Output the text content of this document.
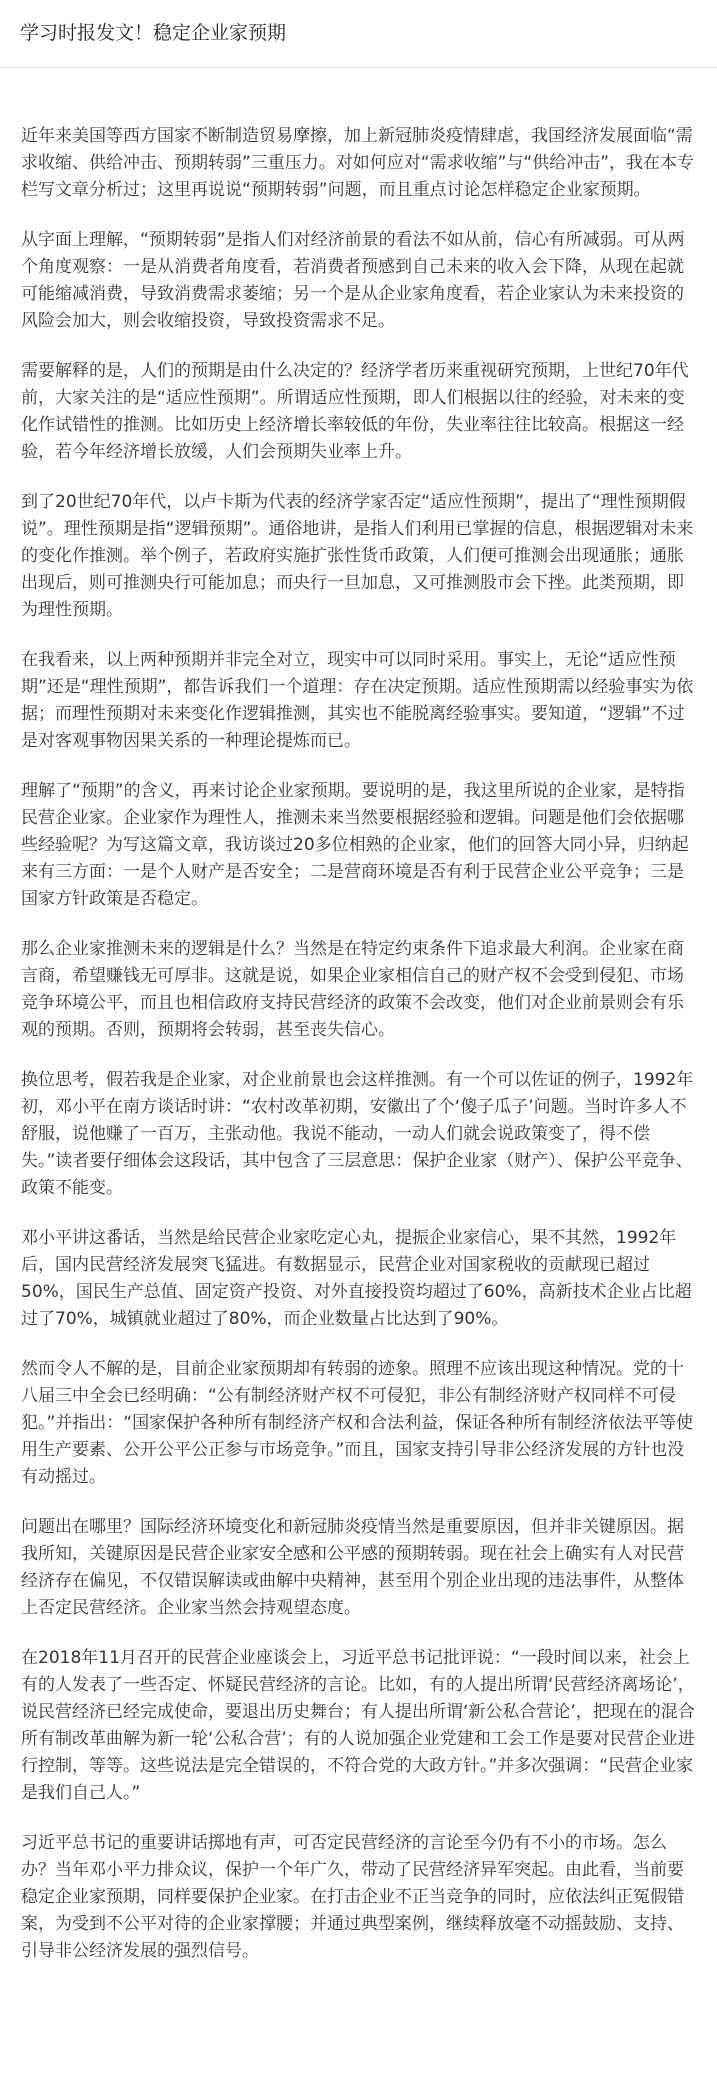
学习时报发文！稳定企业家预期

近年来美国等西方国家不断制造贸易摩擦，加上新冠肺炎疫情肆虐，我国经济发展面临“需求收缩、供给冲击、预期转弱”三重压力。对如何应对“需求收缩”与“供给冲击”，我在本专栏写文章分析过；这里再说说“预期转弱”问题，而且重点讨论怎样稳定企业家预期。

从字面上理解，“预期转弱”是指人们对经济前景的看法不如从前，信心有所减弱。可从两个角度观察：一是从消费者角度看，若消费者预感到自己未来的收入会下降，从现在起就可能缩减消费，导致消费需求萎缩；另一个是从企业家角度看，若企业家认为未来投资的风险会加大，则会收缩投资，导致投资需求不足。

需要解释的是，人们的预期是由什么决定的？经济学者历来重视研究预期，上世纪70年代前，大家关注的是“适应性预期”。所谓适应性预期，即人们根据以往的经验，对未来的变化作试错性的推测。比如历史上经济增长率较低的年份，失业率往往比较高。根据这一经验，若今年经济增长放缓，人们会预期失业率上升。

到了20世纪70年代，以卢卡斯为代表的经济学家否定“适应性预期”，提出了“理性预期假说”。理性预期是指“逻辑预期”。通俗地讲，是指人们利用已掌握的信息，根据逻辑对未来的变化作推测。举个例子，若政府实施扩张性货币政策，人们便可推测会出现通胀；通胀出现后，则可推测央行可能加息；而央行一旦加息，又可推测股市会下挫。此类预期，即为理性预期。

在我看来，以上两种预期并非完全对立，现实中可以同时采用。事实上，无论“适应性预期”还是“理性预期”，都告诉我们一个道理：存在决定预期。适应性预期需以经验事实为依据；而理性预期对未来变化作逻辑推测，其实也不能脱离经验事实。要知道，“逻辑”不过是对客观事物因果关系的一种理论提炼而已。

理解了“预期”的含义，再来讨论企业家预期。要说明的是，我这里所说的企业家，是特指民营企业家。企业家作为理性人，推测未来当然要根据经验和逻辑。问题是他们会依据哪些经验呢？为写这篇文章，我访谈过20多位相熟的企业家，他们的回答大同小异，归纳起来有三方面：一是个人财产是否安全；二是营商环境是否有利于民营企业公平竞争；三是国家方针政策是否稳定。

那么企业家推测未来的逻辑是什么？当然是在特定约束条件下追求最大利润。企业家在商言商，希望赚钱无可厚非。这就是说，如果企业家相信自己的财产权不会受到侵犯、市场竞争环境公平，而且也相信政府支持民营经济的政策不会改变，他们对企业前景则会有乐观的预期。否则，预期将会转弱，甚至丧失信心。

换位思考，假若我是企业家，对企业前景也会这样推测。有一个可以佐证的例子，1992年初，邓小平在南方谈话时讲：“农村改革初期，安徽出了个‘傻子瓜子’问题。当时许多人不舒服，说他赚了一百万，主张动他。我说不能动，一动人们就会说政策变了，得不偿失。”读者要仔细体会这段话，其中包含了三层意思：保护企业家（财产）、保护公平竞争、政策不能变。

邓小平讲这番话，当然是给民营企业家吃定心丸，提振企业家信心，果不其然，1992年后，国内民营经济发展突飞猛进。有数据显示，民营企业对国家税收的贡献现已超过50%，国民生产总值、固定资产投资、对外直接投资均超过了60%，高新技术企业占比超过了70%，城镇就业超过了80%，而企业数量占比达到了90%。

然而令人不解的是，目前企业家预期却有转弱的迹象。照理不应该出现这种情况。党的十八届三中全会已经明确：“公有制经济财产权不可侵犯，非公有制经济财产权同样不可侵犯。”并指出：“国家保护各种所有制经济产权和合法利益，保证各种所有制经济依法平等使用生产要素、公开公平公正参与市场竞争。”而且，国家支持引导非公经济发展的方针也没有动摇过。

问题出在哪里？国际经济环境变化和新冠肺炎疫情当然是重要原因，但并非关键原因。据我所知，关键原因是民营企业家安全感和公平感的预期转弱。现在社会上确实有人对民营经济存在偏见，不仅错误解读或曲解中央精神，甚至用个别企业出现的违法事件，从整体上否定民营经济。企业家当然会持观望态度。

在2018年11月召开的民营企业座谈会上，习近平总书记批评说：“一段时间以来，社会上有的人发表了一些否定、怀疑民营经济的言论。比如，有的人提出所谓‘民营经济离场论’，说民营经济已经完成使命，要退出历史舞台；有人提出所谓‘新公私合营论’，把现在的混合所有制改革曲解为新一轮‘公私合营’；有的人说加强企业党建和工会工作是要对民营企业进行控制，等等。这些说法是完全错误的，不符合党的大政方针。”并多次强调：“民营企业家是我们自己人。”

习近平总书记的重要讲话掷地有声，可否定民营经济的言论至今仍有不小的市场。怎么办？当年邓小平力排众议，保护一个年广久，带动了民营经济异军突起。由此看，当前要稳定企业家预期，同样要保护企业家。在打击企业不正当竞争的同时，应依法纠正冤假错案，为受到不公平对待的企业家撑腰；并通过典型案例，继续释放毫不动摇鼓励、支持、引导非公经济发展的强烈信号。
